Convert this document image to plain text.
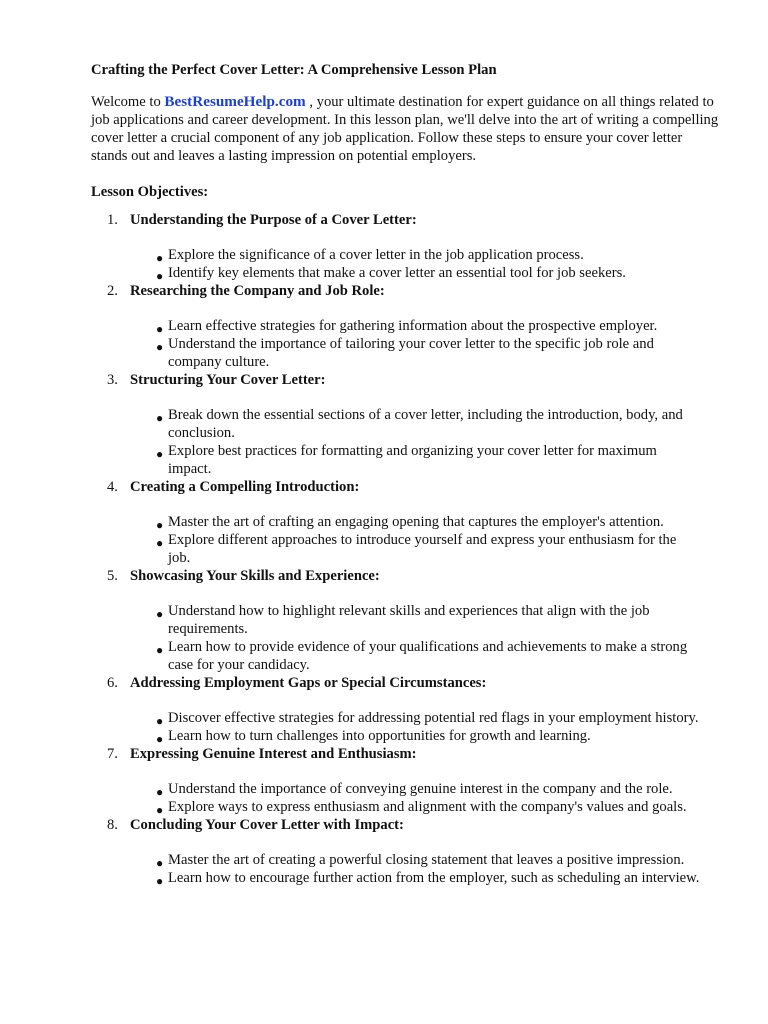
Crafting the Perfect Cover Letter: A Comprehensive Lesson Plan

Welcome to BestResumeHelp.com , your ultimate destination for expert guidance on all things related to job applications and career development. In this lesson plan, we'll delve into the art of writing a compelling cover letter a crucial component of any job application. Follow these steps to ensure your cover letter stands out and leaves a lasting impression on potential employers.

Lesson Objectives:

1. Understanding the Purpose of a Cover Letter:
● Explore the significance of a cover letter in the job application process.
● Identify key elements that make a cover letter an essential tool for job seekers.
2. Researching the Company and Job Role:
● Learn effective strategies for gathering information about the prospective employer.
● Understand the importance of tailoring your cover letter to the specific job role and company culture.
3. Structuring Your Cover Letter:
● Break down the essential sections of a cover letter, including the introduction, body, and conclusion.
● Explore best practices for formatting and organizing your cover letter for maximum impact.
4. Creating a Compelling Introduction:
● Master the art of crafting an engaging opening that captures the employer's attention.
● Explore different approaches to introduce yourself and express your enthusiasm for the job.
5. Showcasing Your Skills and Experience:
● Understand how to highlight relevant skills and experiences that align with the job requirements.
● Learn how to provide evidence of your qualifications and achievements to make a strong case for your candidacy.
6. Addressing Employment Gaps or Special Circumstances:
● Discover effective strategies for addressing potential red flags in your employment history.
● Learn how to turn challenges into opportunities for growth and learning.
7. Expressing Genuine Interest and Enthusiasm:
● Understand the importance of conveying genuine interest in the company and the role.
● Explore ways to express enthusiasm and alignment with the company's values and goals.
8. Concluding Your Cover Letter with Impact:
● Master the art of creating a powerful closing statement that leaves a positive impression.
● Learn how to encourage further action from the employer, such as scheduling an interview.
